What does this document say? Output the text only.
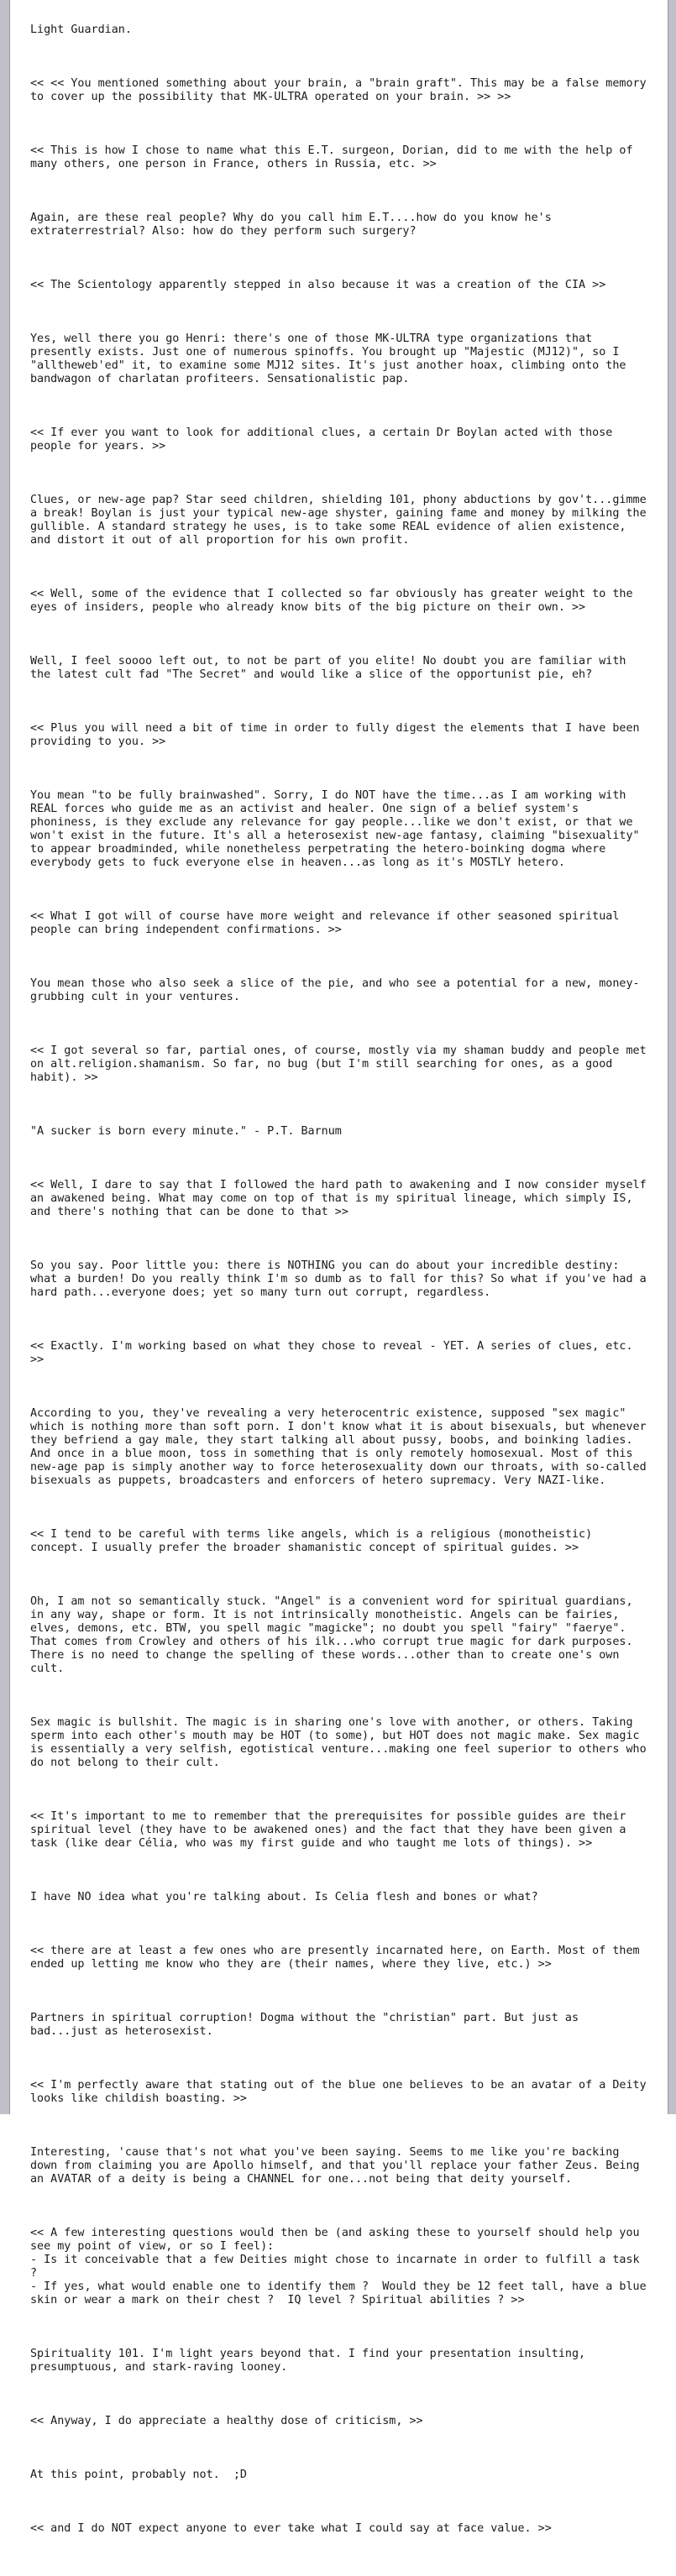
Light Guardian.

<< << You mentioned something about your brain, a "brain graft". This may be a false memory to cover up the possibility that MK-ULTRA operated on your brain. >> >>

<< This is how I chose to name what this E.T. surgeon, Dorian, did to me with the help of many others, one person in France, others in Russia, etc. >>

Again, are these real people? Why do you call him E.T....how do you know he's extraterrestrial? Also: how do they perform such surgery?

<< The Scientology apparently stepped in also because it was a creation of the CIA >>

Yes, well there you go Henri: there's one of those MK-ULTRA type organizations that presently exists. Just one of numerous spinoffs. You brought up "Majestic (MJ12)", so I "alltheweb'ed" it, to examine some MJ12 sites. It's just another hoax, climbing onto the bandwagon of charlatan profiteers. Sensationalistic pap.

<< If ever you want to look for additional clues, a certain Dr Boylan acted with those people for years. >>

Clues, or new-age pap? Star seed children, shielding 101, phony abductions by gov't...gimme a break! Boylan is just your typical new-age shyster, gaining fame and money by milking the gullible. A standard strategy he uses, is to take some REAL evidence of alien existence, and distort it out of all proportion for his own profit.

<< Well, some of the evidence that I collected so far obviously has greater weight to the eyes of insiders, people who already know bits of the big picture on their own. >>

Well, I feel soooo left out, to not be part of you elite! No doubt you are familiar with the latest cult fad "The Secret" and would like a slice of the opportunist pie, eh?

<< Plus you will need a bit of time in order to fully digest the elements that I have been providing to you. >>

You mean "to be fully brainwashed". Sorry, I do NOT have the time...as I am working with REAL forces who guide me as an activist and healer. One sign of a belief system's phoniness, is they exclude any relevance for gay people...like we don't exist, or that we won't exist in the future. It's all a heterosexist new-age fantasy, claiming "bisexuality" to appear broadminded, while nonetheless perpetrating the hetero-boinking dogma where everybody gets to fuck everyone else in heaven...as long as it's MOSTLY hetero.

<< What I got will of course have more weight and relevance if other seasoned spiritual people can bring independent confirmations. >>

You mean those who also seek a slice of the pie, and who see a potential for a new, money-grubbing cult in your ventures.

<< I got several so far, partial ones, of course, mostly via my shaman buddy and people met on alt.religion.shamanism. So far, no bug (but I'm still searching for ones, as a good habit). >>

"A sucker is born every minute." - P.T. Barnum

<< Well, I dare to say that I followed the hard path to awakening and I now consider myself an awakened being. What may come on top of that is my spiritual lineage, which simply IS, and there's nothing that can be done to that >>

So you say. Poor little you: there is NOTHING you can do about your incredible destiny: what a burden! Do you really think I'm so dumb as to fall for this? So what if you've had a hard path...everyone does; yet so many turn out corrupt, regardless.

<< Exactly. I'm working based on what they chose to reveal - YET. A series of clues, etc. >>

According to you, they've revealing a very heterocentric existence, supposed "sex magic" which is nothing more than soft porn. I don't know what it is about bisexuals, but whenever they befriend a gay male, they start talking all about pussy, boobs, and boinking ladies. And once in a blue moon, toss in something that is only remotely homosexual. Most of this new-age pap is simply another way to force heterosexuality down our throats, with so-called bisexuals as puppets, broadcasters and enforcers of hetero supremacy. Very NAZI-like.

<< I tend to be careful with terms like angels, which is a religious (monotheistic) concept. I usually prefer the broader shamanistic concept of spiritual guides. >>

Oh, I am not so semantically stuck. "Angel" is a convenient word for spiritual guardians, in any way, shape or form. It is not intrinsically monotheistic. Angels can be fairies, elves, demons, etc. BTW, you spell magic "magicke"; no doubt you spell "fairy" "faerye". That comes from Crowley and others of his ilk...who corrupt true magic for dark purposes. There is no need to change the spelling of these words...other than to create one's own cult.

Sex magic is bullshit. The magic is in sharing one's love with another, or others. Taking sperm into each other's mouth may be HOT (to some), but HOT does not magic make. Sex magic is essentially a very selfish, egotistical venture...making one feel superior to others who do not belong to their cult.

<< It's important to me to remember that the prerequisites for possible guides are their spiritual level (they have to be awakened ones) and the fact that they have been given a task (like dear Célia, who was my first guide and who taught me lots of things). >>

I have NO idea what you're talking about. Is Celia flesh and bones or what?

<< there are at least a few ones who are presently incarnated here, on Earth. Most of them ended up letting me know who they are (their names, where they live, etc.) >>

Partners in spiritual corruption! Dogma without the "christian" part. But just as bad...just as heterosexist.

<< I'm perfectly aware that stating out of the blue one believes to be an avatar of a Deity looks like childish boasting. >>

Interesting, 'cause that's not what you've been saying. Seems to me like you're backing down from claiming you are Apollo himself, and that you'll replace your father Zeus. Being an AVATAR of a deity is being a CHANNEL for one...not being that deity yourself.

<< A few interesting questions would then be (and asking these to yourself should help you see my point of view, or so I feel):
- Is it conceivable that a few Deities might chose to incarnate in order to fulfill a task ?
- If yes, what would enable one to identify them ?  Would they be 12 feet tall, have a blue skin or wear a mark on their chest ?  IQ level ? Spiritual abilities ? >>

Spirituality 101. I'm light years beyond that. I find your presentation insulting, presumptuous, and stark-raving looney.

<< Anyway, I do appreciate a healthy dose of criticism, >>

At this point, probably not.  ;D

<< and I do NOT expect anyone to ever take what I could say at face value. >>
